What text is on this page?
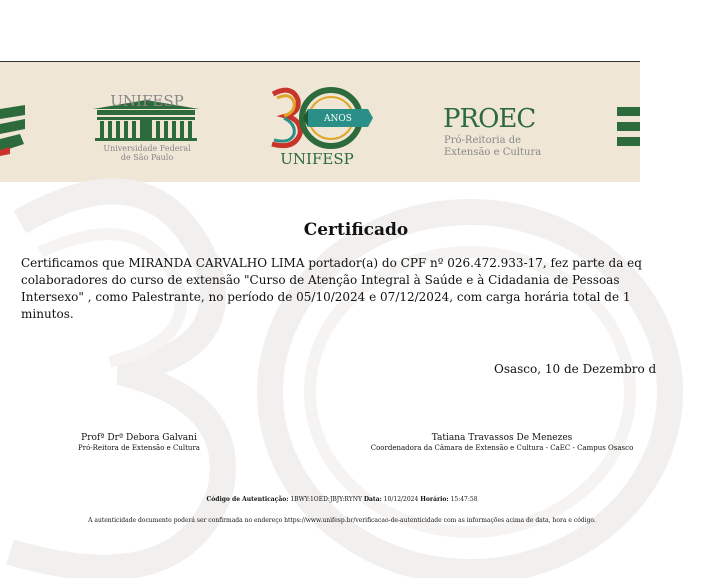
UNIFESP
Universidade Federal
de São Paulo
ANOS
UNIFESP
PROEC
Pró-Reitoria de
Extensão e Cultura
Certificado
Certificamos que MIRANDA CARVALHO LIMA portador(a) do CPF nº 026.472.933-17, fez parte da eq
colaboradores do curso de extensão "Curso de Atenção Integral à Saúde e à Cidadania de Pessoas
Intersexo" , como Palestrante, no período de 05/10/2024 e 07/12/2024, com carga horária total de 1
minutos.
Osasco, 10 de Dezembro d
Profª Drª Debora Galvani
Pró-Reitora de Extensão e Cultura
Tatiana Travassos De Menezes
Coordenadora da Câmara de Extensão e Cultura - CaEC - Campus Osasco
Código de Autenticação: 1BWY:1OED:JBJY:RYNY Data: 10/12/2024 Horário: 15:47:58
A autenticidade documento poderá ser confirmada no endereço https://www.unifesp.br/verificacao-de-autenticidade com as informações acima de data, hora e código.
